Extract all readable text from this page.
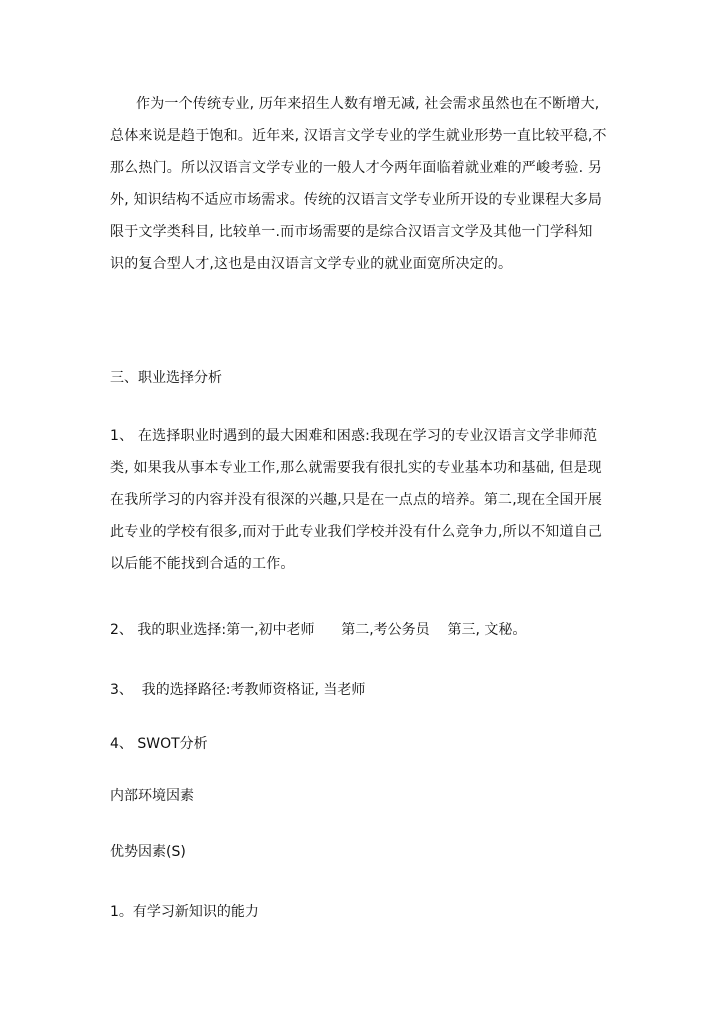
作为一个传统专业, 历年来招生人数有增无减, 社会需求虽然也在不断增大,
总体来说是趋于饱和。近年来, 汉语言文学专业的学生就业形势一直比较平稳,不
那么热门。所以汉语言文学专业的一般人才今两年面临着就业难的严峻考验. 另
外, 知识结构不适应市场需求。传统的汉语言文学专业所开设的专业课程大多局
限于文学类科目, 比较单一.而市场需要的是综合汉语言文学及其他一门学科知
识的复合型人才,这也是由汉语言文学专业的就业面宽所决定的。
三、职业选择分析
1、 在选择职业时遇到的最大困难和困惑:我现在学习的专业汉语言文学非师范
类, 如果我从事本专业工作,那么就需要我有很扎实的专业基本功和基础, 但是现
在我所学习的内容并没有很深的兴趣,只是在一点点的培养。第二,现在全国开展
此专业的学校有很多,而对于此专业我们学校并没有什么竞争力,所以不知道自己
以后能不能找到合适的工作。
2、 我的职业选择:第一,初中老师      第二,考公务员    第三, 文秘。
3、  我的选择路径:考教师资格证, 当老师
4、 SWOT分析
内部环境因素
优势因素(S)
1。有学习新知识的能力
